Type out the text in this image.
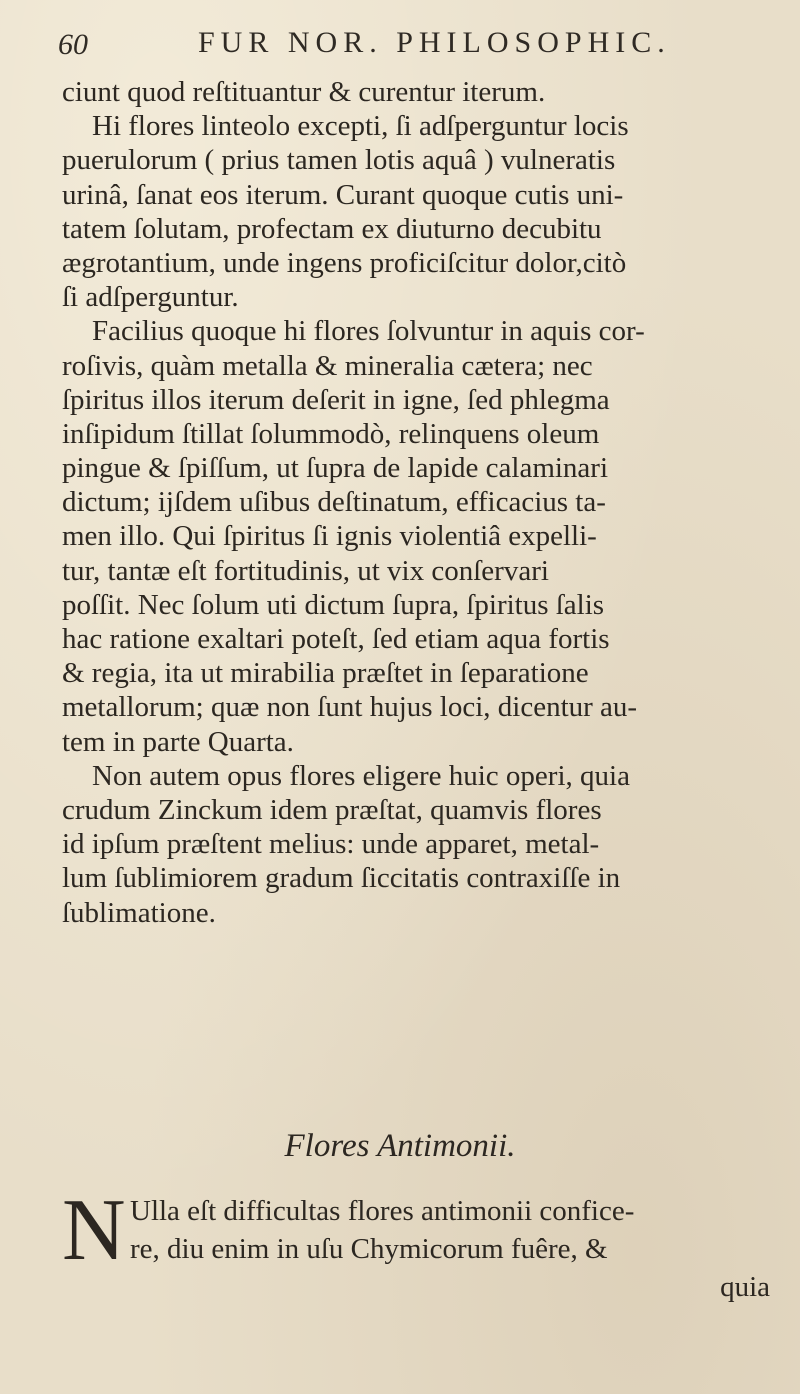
60	FUR NOR. PHILOSOPHIC.
ciunt quod reſtituantur & curentur iterum.
Hi flores linteolo excepti, ſi adſperguntur locis
puerulorum ( prius tamen lotis aquâ ) vulneratis
urinâ, ſanat eos iterum. Curant quoque cutis uni-
tatem ſolutam, profectam ex diuturno decubitu
ægrotantium, unde ingens proficiſcitur dolor,citò
ſi adſperguntur.
Facilius quoque hi flores ſolvuntur in aquis cor-
roſivis, quàm metalla & mineralia cætera; nec
ſpiritus illos iterum deſerit in igne, ſed phlegma
inſipidum ſtillat ſolummodò, relinquens oleum
pingue & ſpiſſum, ut ſupra de lapide calaminari
dictum; ijſdem uſibus deſtinatum, efficacius ta-
men illo. Qui ſpiritus ſi ignis violentiâ expelli-
tur, tantæ eſt fortitudinis, ut vix conſervari
poſſit. Nec ſolum uti dictum ſupra, ſpiritus ſalis
hac ratione exaltari poteſt, ſed etiam aqua fortis
& regia, ita ut mirabilia præſtet in ſeparatione
metallorum; quæ non ſunt hujus loci, dicentur au-
tem in parte Quarta.
Non autem opus flores eligere huic operi, quia
crudum Zinckum idem præſtat, quamvis flores
id ipſum præſtent melius: unde apparet, metal-
lum ſublimiorem gradum ſiccitatis contraxiſſe in
ſublimatione.
Flores Antimonii.
N Ulla eſt difficultas flores antimonii confice-
re, diu enim in uſu Chymicorum fuêre, &
quia
